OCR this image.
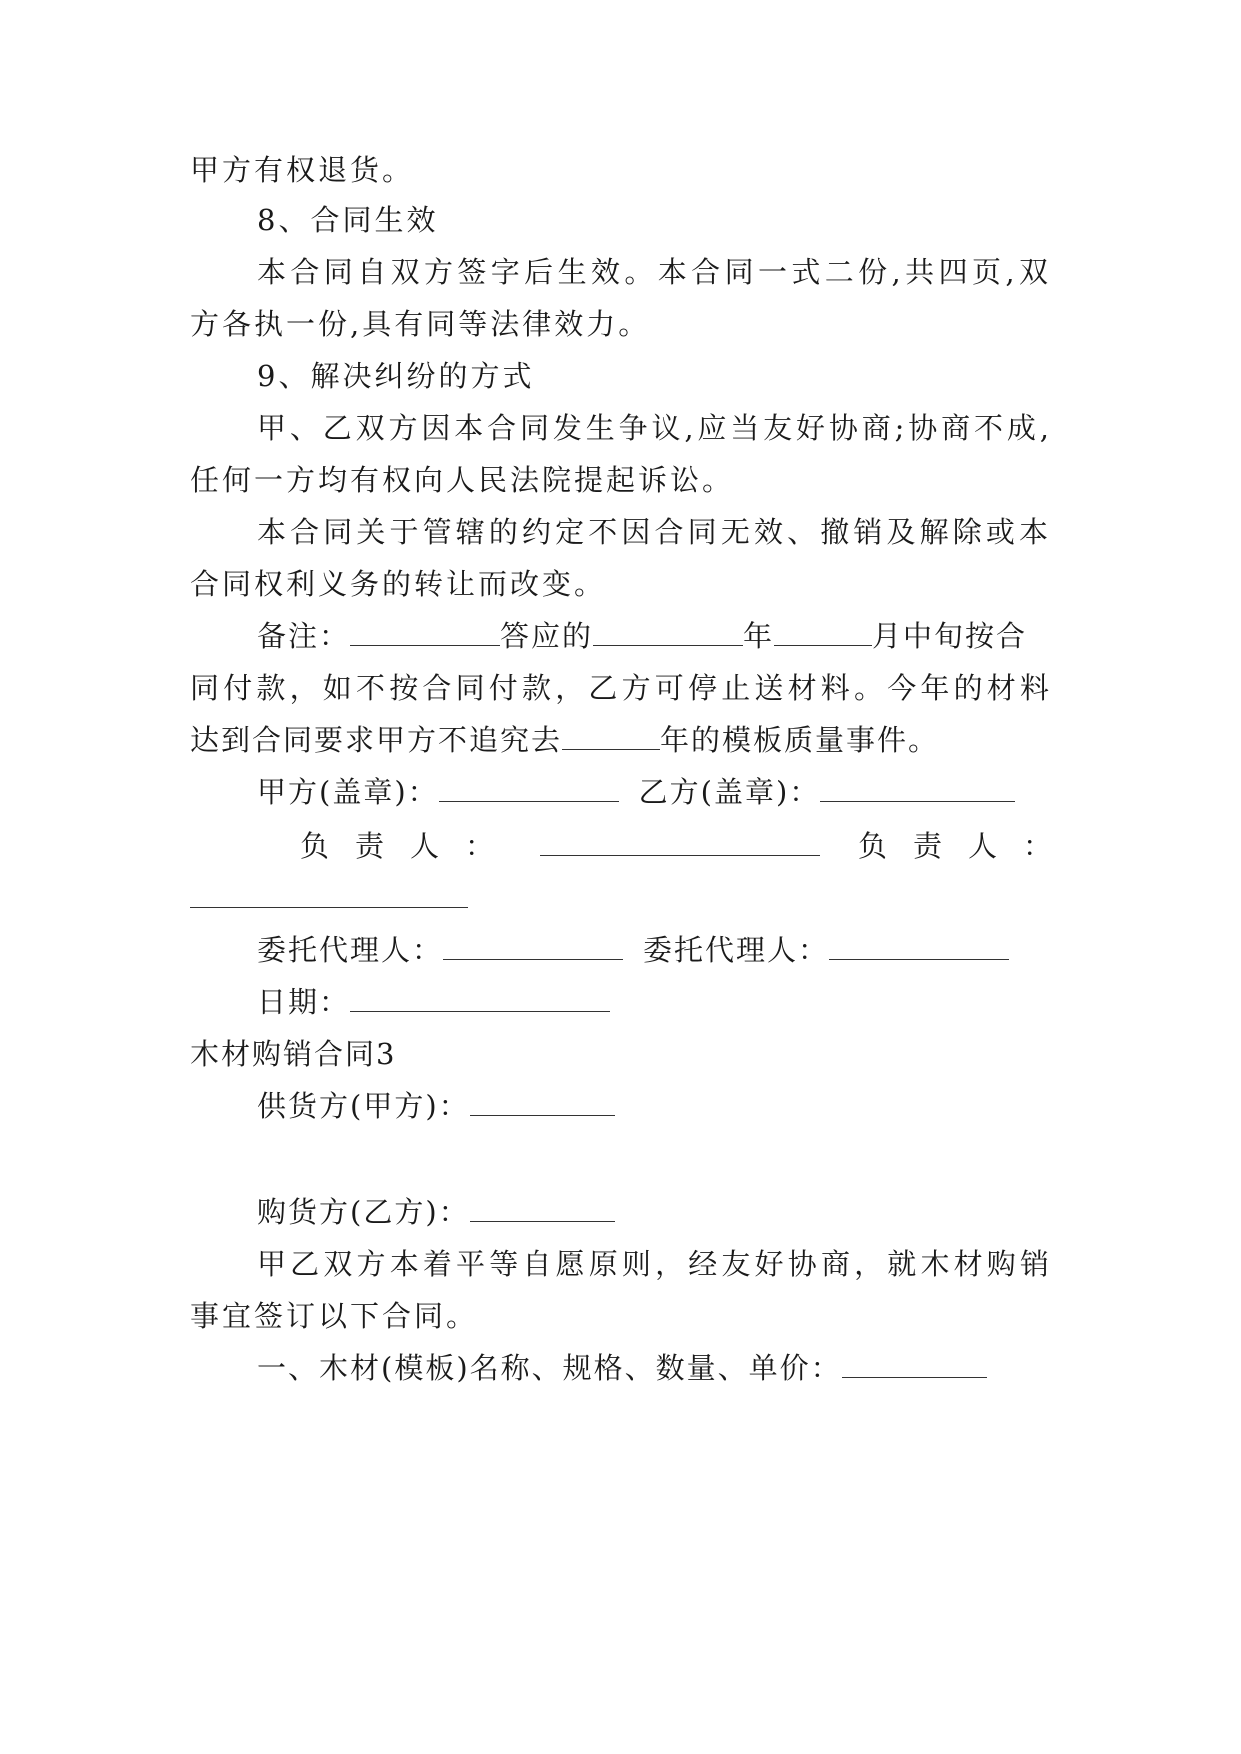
甲方有权退货。

8、合同生效

本合同自双方签字后生效。本合同一式二份,共四页,双

方各执一份,具有同等法律效力。

9、解决纠纷的方式

甲、乙双方因本合同发生争议,应当友好协商;协商不成,

任何一方均有权向人民法院提起诉讼。

本合同关于管辖的约定不因合同无效、撤销及解除或本

合同权利义务的转让而改变。

备注：	答应的	年	月中旬按合

同付款，如不按合同付款，乙方可停止送材料。今年的材料

达到合同要求甲方不追究去	年的模板质量事件。

甲方(盖章)：	乙方(盖章)：

负责人：	负责人：

委托代理人：	委托代理人：

日期：

木材购销合同3

供货方(甲方)：

购货方(乙方)：

甲乙双方本着平等自愿原则，经友好协商，就木材购销

事宜签订以下合同。

一、木材(模板)名称、规格、数量、单价：
